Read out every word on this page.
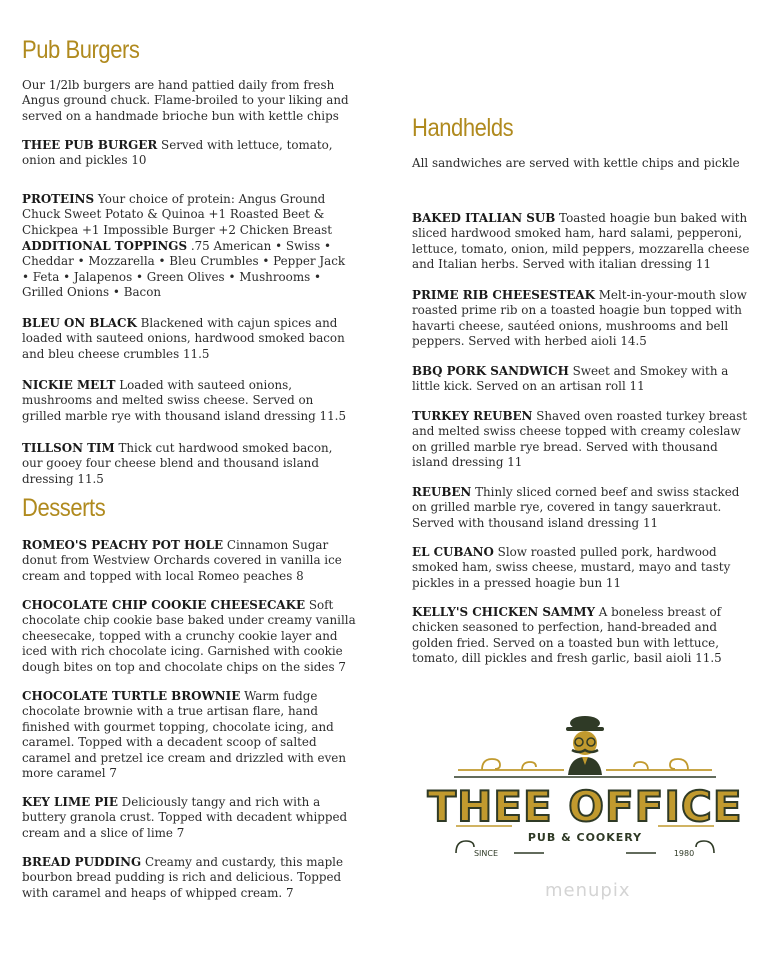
Pub Burgers

Our 1/2lb burgers are hand pattied daily from fresh Angus ground chuck. Flame-broiled to your liking and served on a handmade brioche bun with kettle chips

THEE PUB BURGER Served with lettuce, tomato, onion and pickles 10

PROTEINS Your choice of protein: Angus Ground Chuck Sweet Potato & Quinoa +1 Roasted Beet & Chickpea +1 Impossible Burger +2 Chicken Breast

ADDITIONAL TOPPINGS .75 American • Swiss • Cheddar • Mozzarella • Bleu Crumbles • Pepper Jack • Feta • Jalapenos • Green Olives • Mushrooms • Grilled Onions • Bacon

BLEU ON BLACK Blackened with cajun spices and loaded with sauteed onions, hardwood smoked bacon and bleu cheese crumbles 11.5

NICKIE MELT Loaded with sauteed onions, mushrooms and melted swiss cheese. Served on grilled marble rye with thousand island dressing 11.5

TILLSON TIM Thick cut hardwood smoked bacon, our gooey four cheese blend and thousand island dressing 11.5

Desserts

ROMEO'S PEACHY POT HOLE Cinnamon Sugar donut from Westview Orchards covered in vanilla ice cream and topped with local Romeo peaches 8

CHOCOLATE CHIP COOKIE CHEESECAKE Soft chocolate chip cookie base baked under creamy vanilla cheesecake, topped with a crunchy cookie layer and iced with rich chocolate icing. Garnished with cookie dough bites on top and chocolate chips on the sides 7

CHOCOLATE TURTLE BROWNIE Warm fudge chocolate brownie with a true artisan flare, hand finished with gourmet topping, chocolate icing, and caramel. Topped with a decadent scoop of salted caramel and pretzel ice cream and drizzled with even more caramel 7

KEY LIME PIE Deliciously tangy and rich with a buttery granola crust. Topped with decadent whipped cream and a slice of lime 7

BREAD PUDDING Creamy and custardy, this maple bourbon bread pudding is rich and delicious. Topped with caramel and heaps of whipped cream. 7

Handhelds

All sandwiches are served with kettle chips and pickle

BAKED ITALIAN SUB Toasted hoagie bun baked with sliced hardwood smoked ham, hard salami, pepperoni, lettuce, tomato, onion, mild peppers, mozzarella cheese and Italian herbs. Served with italian dressing 11

PRIME RIB CHEESESTEAK Melt-in-your-mouth slow roasted prime rib on a toasted hoagie bun topped with havarti cheese, sautéed onions, mushrooms and bell peppers. Served with herbed aioli 14.5

BBQ PORK SANDWICH Sweet and Smokey with a little kick. Served on an artisan roll 11

TURKEY REUBEN Shaved oven roasted turkey breast and melted swiss cheese topped with creamy coleslaw on grilled marble rye bread. Served with thousand island dressing 11

REUBEN Thinly sliced corned beef and swiss stacked on grilled marble rye, covered in tangy sauerkraut. Served with thousand island dressing 11

EL CUBANO Slow roasted pulled pork, hardwood smoked ham, swiss cheese, mustard, mayo and tasty pickles in a pressed hoagie bun 11

KELLY'S CHICKEN SAMMY A boneless breast of chicken seasoned to perfection, hand-breaded and golden fried. Served on a toasted bun with lettuce, tomato, dill pickles and fresh garlic, basil aioli 11.5

THEE OFFICE
PUB & COOKERY
SINCE	1980
menupix
